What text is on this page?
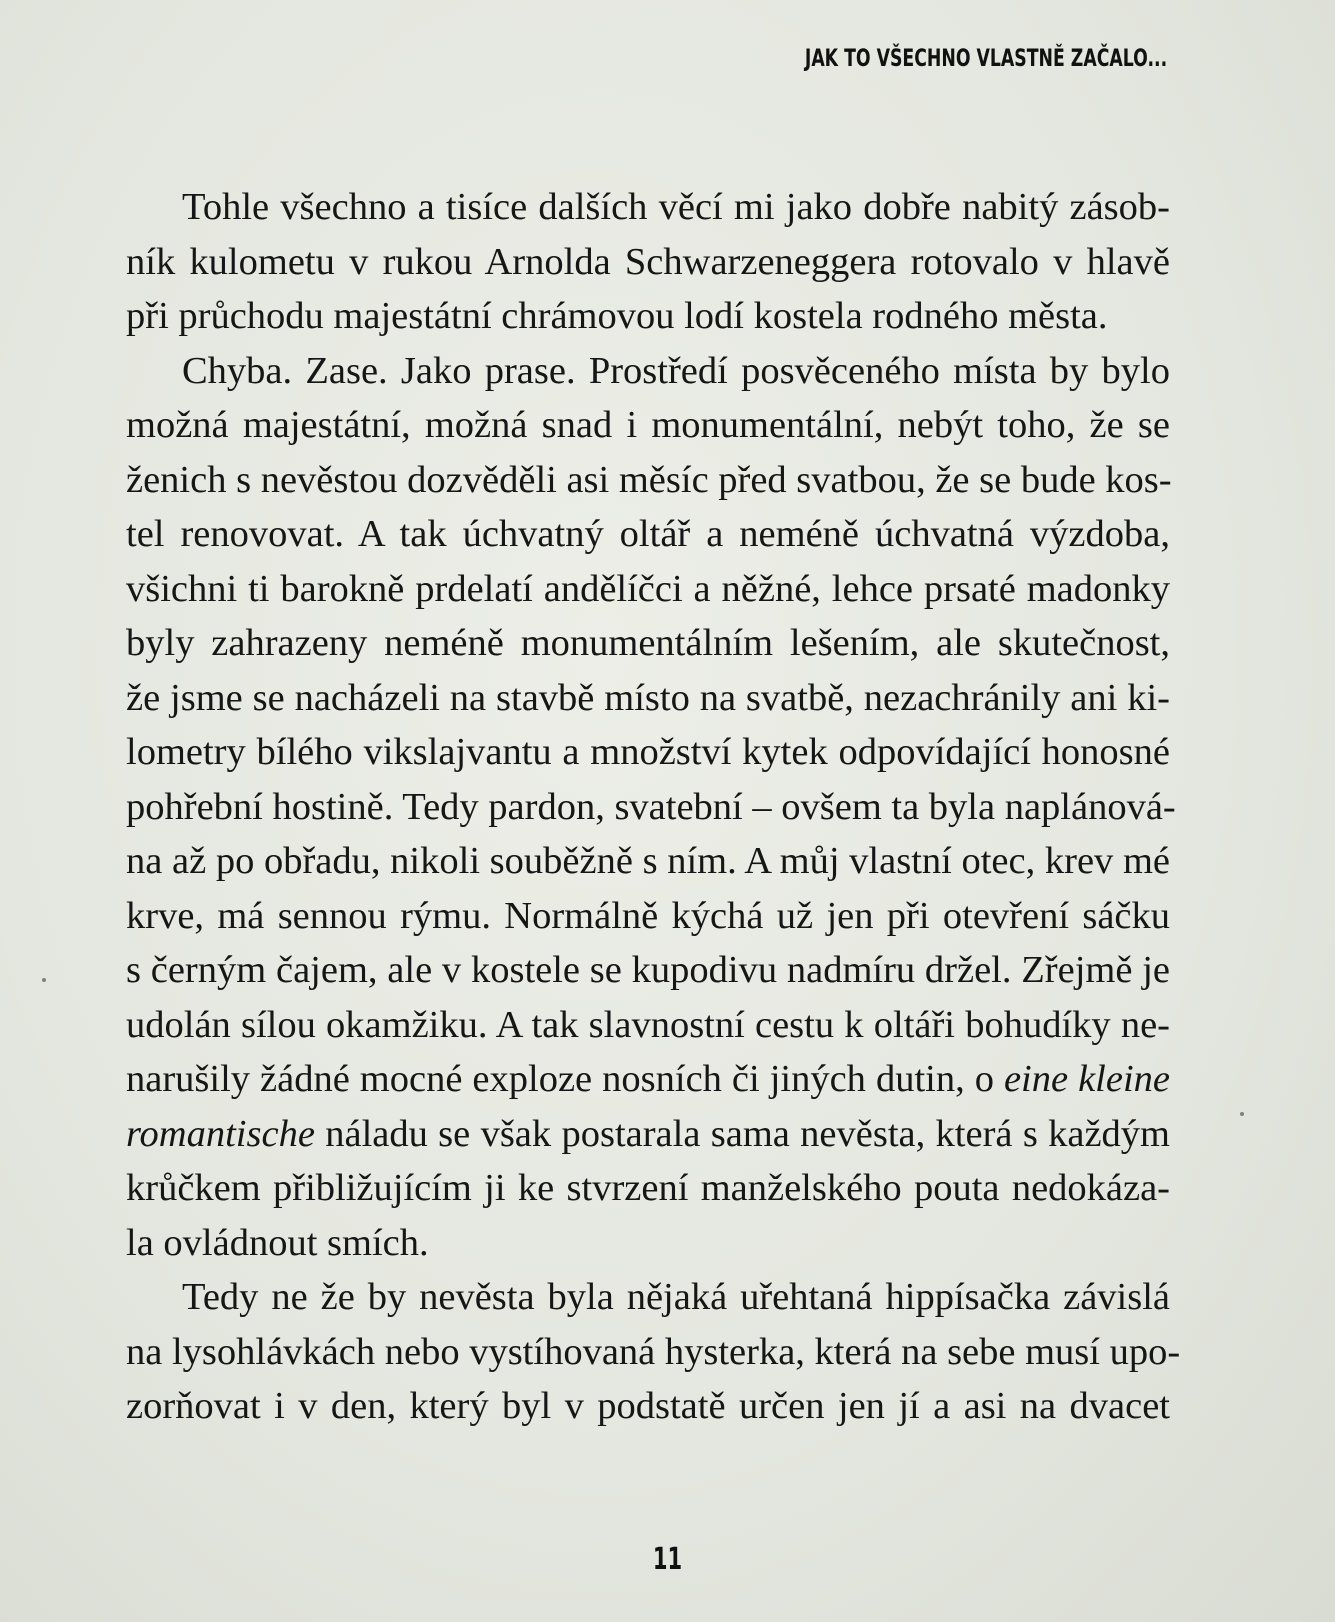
JAK TO VŠECHNO VLASTNĚ ZAČALO...

Tohle všechno a tisíce dalších věcí mi jako dobře nabitý zásob-
ník kulometu v rukou Arnolda Schwarzeneggera rotovalo v hlavě
při průchodu majestátní chrámovou lodí kostela rodného města.

Chyba. Zase. Jako prase. Prostředí posvěceného místa by bylo
možná majestátní, možná snad i monumentální, nebýt toho, že se
ženich s nevěstou dozvěděli asi měsíc před svatbou, že se bude kos-
tel renovovat. A tak úchvatný oltář a neméně úchvatná výzdoba,
všichni ti barokně prdelatí andělíčci a něžné, lehce prsaté madonky
byly zahrazeny neméně monumentálním lešením, ale skutečnost,
že jsme se nacházeli na stavbě místo na svatbě, nezachránily ani ki-
lometry bílého vikslajvantu a množství kytek odpovídající honosné
pohřební hostině. Tedy pardon, svatební – ovšem ta byla naplánová-
na až po obřadu, nikoli souběžně s ním. A můj vlastní otec, krev mé
krve, má sennou rýmu. Normálně kýchá už jen při otevření sáčku
s černým čajem, ale v kostele se kupodivu nadmíru držel. Zřejmě je
udolán sílou okamžiku. A tak slavnostní cestu k oltáři bohudíky ne-
narušily žádné mocné exploze nosních či jiných dutin, o eine kleine
romantische náladu se však postarala sama nevěsta, která s každým
krůčkem přibližujícím ji ke stvrzení manželského pouta nedokáza-
la ovládnout smích.

Tedy ne že by nevěsta byla nějaká uřehtaná hippísačka závislá
na lysohlávkách nebo vystíhovaná hysterka, která na sebe musí upo-
zorňovat i v den, který byl v podstatě určen jen jí a asi na dvacet

11
